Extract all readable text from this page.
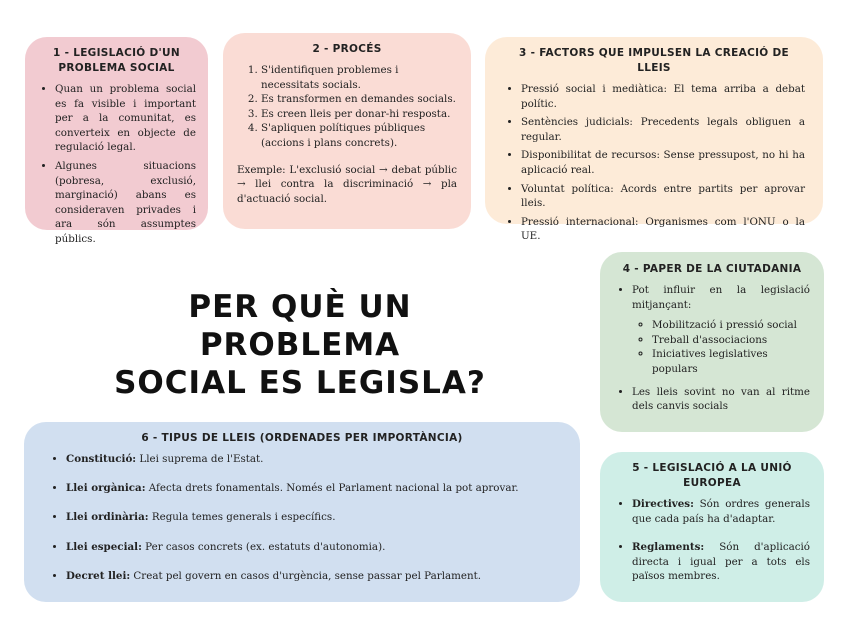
PER QUÈ UN PROBLEMA
SOCIAL ES LEGISLA?
1 - LEGISLACIÓ D'UN PROBLEMA SOCIAL
• Quan un problema social es fa visible i important per a la comunitat, es converteix en objecte de regulació legal.
• Algunes situacions (pobresa, exclusió, marginació) abans es consideraven privades i ara són assumptes públics.
2 - PROCÉS
1. S'identifiquen problemes i necessitats socials.
2. Es transformen en demandes socials.
3. Es creen lleis per donar-hi resposta.
4. S'apliquen polítiques públiques (accions i plans concrets).

Exemple: L'exclusió social → debat públic → llei contra la discriminació → pla d'actuació social.

3 - FACTORS QUE IMPULSEN LA CREACIÓ DE LLEIS
• Pressió social i mediàtica: El tema arriba a debat polític.
• Sentències judicials: Precedents legals obliguen a regular.
• Disponibilitat de recursos: Sense pressupost, no hi ha aplicació real.
• Voluntat política: Acords entre partits per aprovar lleis.
• Pressió internacional: Organismes com l'ONU o la UE.
4 - PAPER DE LA CIUTADANIA
• Pot influir en la legislació mitjançant:
◦ Mobilització i pressió social
◦ Treball d'associacions
◦ Iniciatives legislatives populars
• Les lleis sovint no van al ritme dels canvis socials
5 - LEGISLACIÓ A LA UNIÓ EUROPEA
• Directives: Són ordres generals que cada país ha d'adaptar.
• Reglaments: Són d'aplicació directa i igual per a tots els països membres.
6 - TIPUS DE LLEIS (ORDENADES PER IMPORTÀNCIA)
• Constitució: Llei suprema de l'Estat.
• Llei orgànica: Afecta drets fonamentals. Només el Parlament nacional la pot aprovar.
• Llei ordinària: Regula temes generals i específics.
• Llei especial: Per casos concrets (ex. estatuts d'autonomia).
• Decret llei: Creat pel govern en casos d'urgència, sense passar pel Parlament.
